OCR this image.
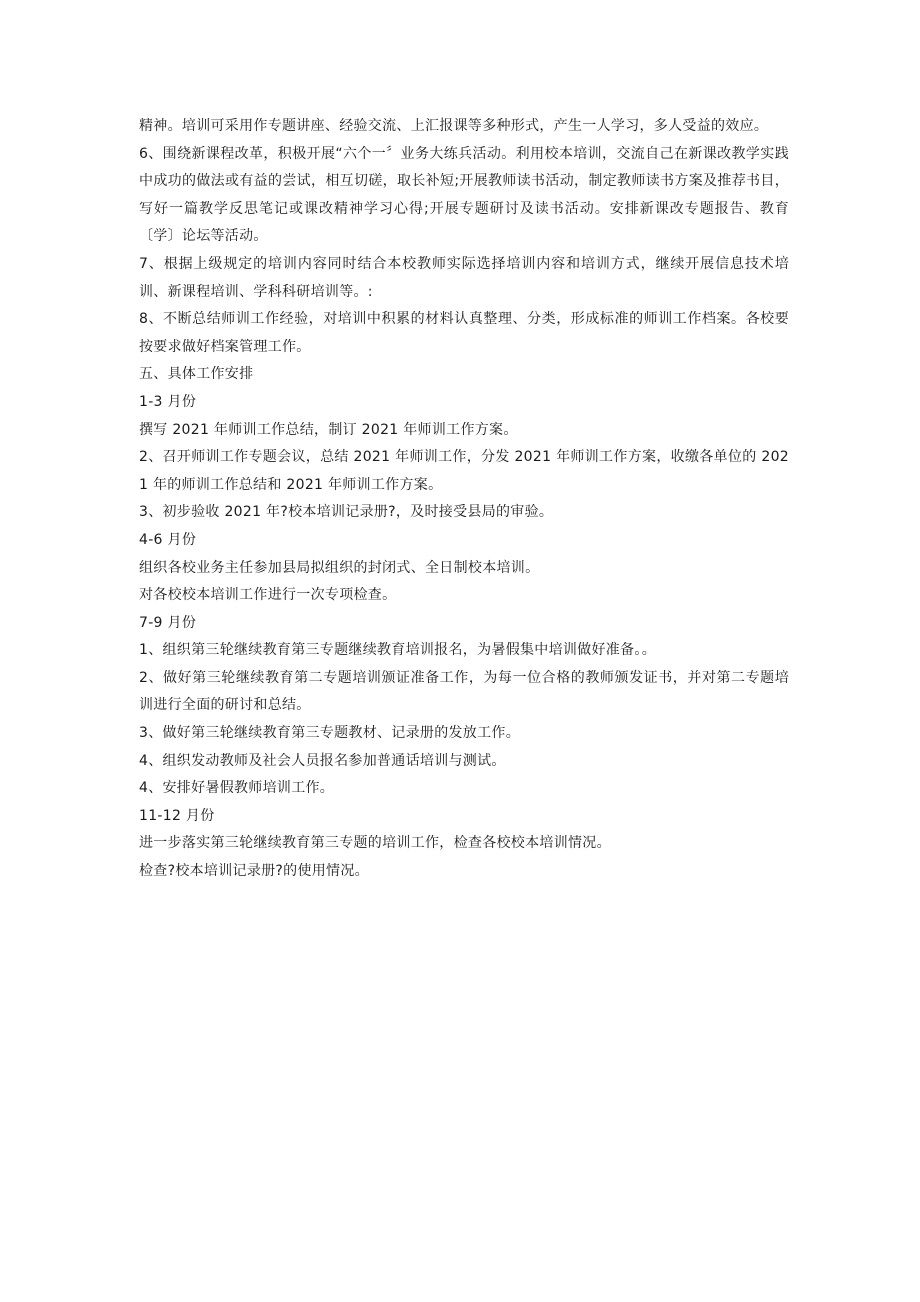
精神。培训可采用作专题讲座、经验交流、上汇报课等多种形式，产生一人学习，多人受益的效应。

6、围绕新课程改革，积极开展“六个一〞业务大练兵活动。利用校本培训，交流自己在新课改教学实践中成功的做法或有益的尝试，相互切磋，取长补短;开展教师读书活动，制定教师读书方案及推荐书目，写好一篇教学反思笔记或课改精神学习心得;开展专题研讨及读书活动。安排新课改专题报告、教育〔学〕论坛等活动。

7、根据上级规定的培训内容同时结合本校教师实际选择培训内容和培训方式，继续开展信息技术培训、新课程培训、学科科研培训等。:

8、不断总结师训工作经验，对培训中积累的材料认真整理、分类，形成标准的师训工作档案。各校要按要求做好档案管理工作。

五、具体工作安排

1-3 月份

撰写 2021 年师训工作总结，制订 2021 年师训工作方案。

2、召开师训工作专题会议，总结 2021 年师训工作，分发 2021 年师训工作方案，收缴各单位的 2021 年的师训工作总结和 2021 年师训工作方案。

3、初步验收 2021 年?校本培训记录册?，及时接受县局的审验。

4-6 月份

组织各校业务主任参加县局拟组织的封闭式、全日制校本培训。

对各校校本培训工作进行一次专项检查。

7-9 月份

1、组织第三轮继续教育第三专题继续教育培训报名，为暑假集中培训做好准备。。

2、做好第三轮继续教育第二专题培训颁证准备工作，为每一位合格的教师颁发证书，并对第二专题培训进行全面的研讨和总结。

3、做好第三轮继续教育第三专题教材、记录册的发放工作。

4、组织发动教师及社会人员报名参加普通话培训与测试。

4、安排好暑假教师培训工作。

11-12 月份

进一步落实第三轮继续教育第三专题的培训工作，检查各校校本培训情况。

检查?校本培训记录册?的使用情况。
